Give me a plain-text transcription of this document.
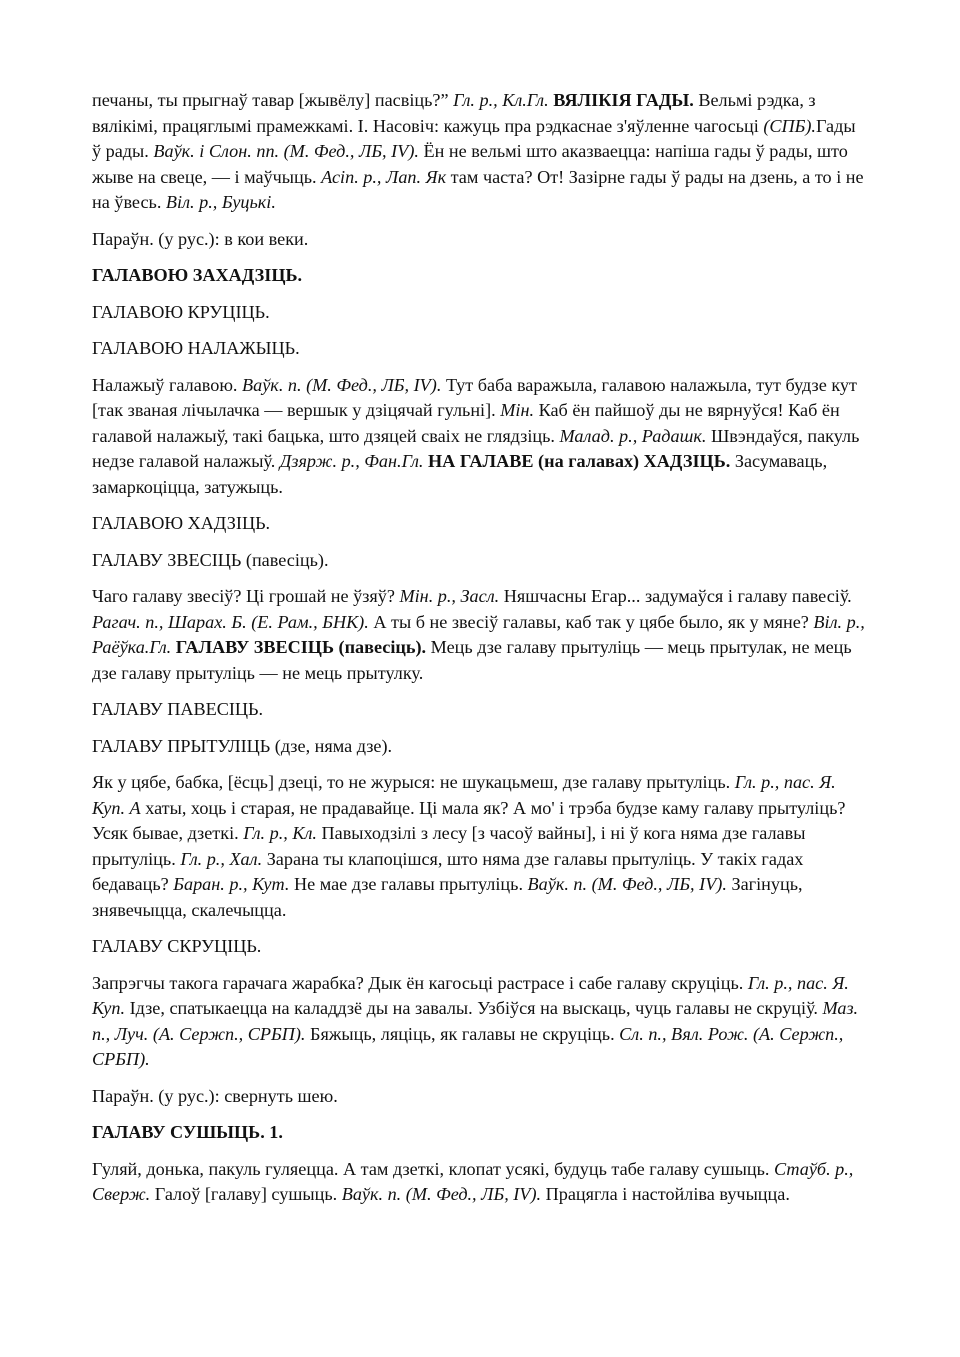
печаны, ты прыгнаў тавар [жывёлу] пасвіць?” Гл. р., Кл.Гл. ВЯЛІКІЯ ГАДЫ. Вельмі рэдка, з вялікімі, працяглымі прамежкамі. І. Насовіч: кажуць пра рэдкаснае з'яўленне чагосьці (СПБ).Гады ў рады. Ваўк. і Слон. пп. (М. Фед., ЛБ, IV). Ён не вельмі што аказваецца: напіша гады ў рады, што жыве на свеце, — і маўчыць. Асіп. р., Лап. Як там часта? От! Зазірне гады ў рады на дзень, а то і не на ўвесь. Віл. р., Буцькі.

Параўн. (у рус.): в кои веки.

ГАЛАВОЮ ЗАХАДЗІЦЬ.

ГАЛАВОЮ КРУЦІЦЬ.

ГАЛАВОЮ НАЛАЖЫЦЬ.

Налажыў галавою. Ваўк. п. (М. Фед., ЛБ, IV). Тут баба варажыла, галавою налажыла, тут будзе кут [так званая лічылачка — вершык у дзіцячай гульні]. Мін. Каб ён пайшоў ды не вярнуўся! Каб ён галавой налажыў, такі бацька, што дзяцей сваіх не глядзіць. Малад. р., Радашк. Швэндаўся, пакуль недзе галавой налажыў. Дзярж. р., Фан.Гл. НА ГАЛАВЕ (на галавах) ХАДЗІЦЬ. Засумаваць, замаркоціцца, затужыць.

ГАЛАВОЮ ХАДЗІЦЬ.

ГАЛАВУ ЗВЕСІЦЬ (павесіць).

Чаго галаву звесіў? Ці грошай не ўзяў? Мін. р., Засл. Няшчасны Егар... задумаўся і галаву павесіў. Рагач. п., Шарах. Б. (Е. Рам., БНК). А ты б не звесіў галавы, каб так у цябе было, як у мяне? Віл. р., Раёўка.Гл. ГАЛАВУ ЗВЕСІЦЬ (павесіць). Мець дзе галаву прытуліць — мець прытулак, не мець дзе галаву прытуліць — не мець прытулку.

ГАЛАВУ ПАВЕСІЦЬ.

ГАЛАВУ ПРЫТУЛІЦЬ (дзе, няма дзе).

Як у цябе, бабка, [ёсць] дзеці, то не журыся: не шукацьмеш, дзе галаву прытуліць. Гл. р., пас. Я. Куп. А хаты, хоць і старая, не прадавайце. Ці мала як? А мо' і трэба будзе каму галаву прытуліць? Усяк бывае, дзеткі. Гл. р., Кл. Павыходзілі з лесу [з часоў вайны], і ні ў кога няма дзе галавы прытуліць. Гл. р., Хал. Зарана ты клапоцішся, што няма дзе галавы прытуліць. У такіх гадах бедаваць? Баран. р., Кут. Не мае дзе галавы прытуліць. Ваўк. п. (М. Фед., ЛБ, IV). Загінуць, знявечыцца, скалечыцца.

ГАЛАВУ СКРУЦІЦЬ.

Запрэгчы такога гарачага жарабка? Дык ён кагосьці растрасе і сабе галаву скруціць. Гл. р., пас. Я. Куп. Ідзе, спатыкаецца на каладдзё ды на завалы. Узбіўся на выскаць, чуць галавы не скруціў. Маз. п., Луч. (А. Сержп., СРБП). Бяжыць, ляціць, як галавы не скруціць. Сл. п., Вял. Рож. (А. Сержп., СРБП).

Параўн. (у рус.): свернуть шею.

ГАЛАВУ СУШЫЦЬ. 1.

Гуляй, донька, пакуль гуляецца. А там дзеткі, клопат усякі, будуць табе галаву сушыць. Стаўб. р., Сверж. Галоў [галаву] сушыць. Ваўк. п. (М. Фед., ЛБ, IV). Працягла і настойліва вучыцца.
